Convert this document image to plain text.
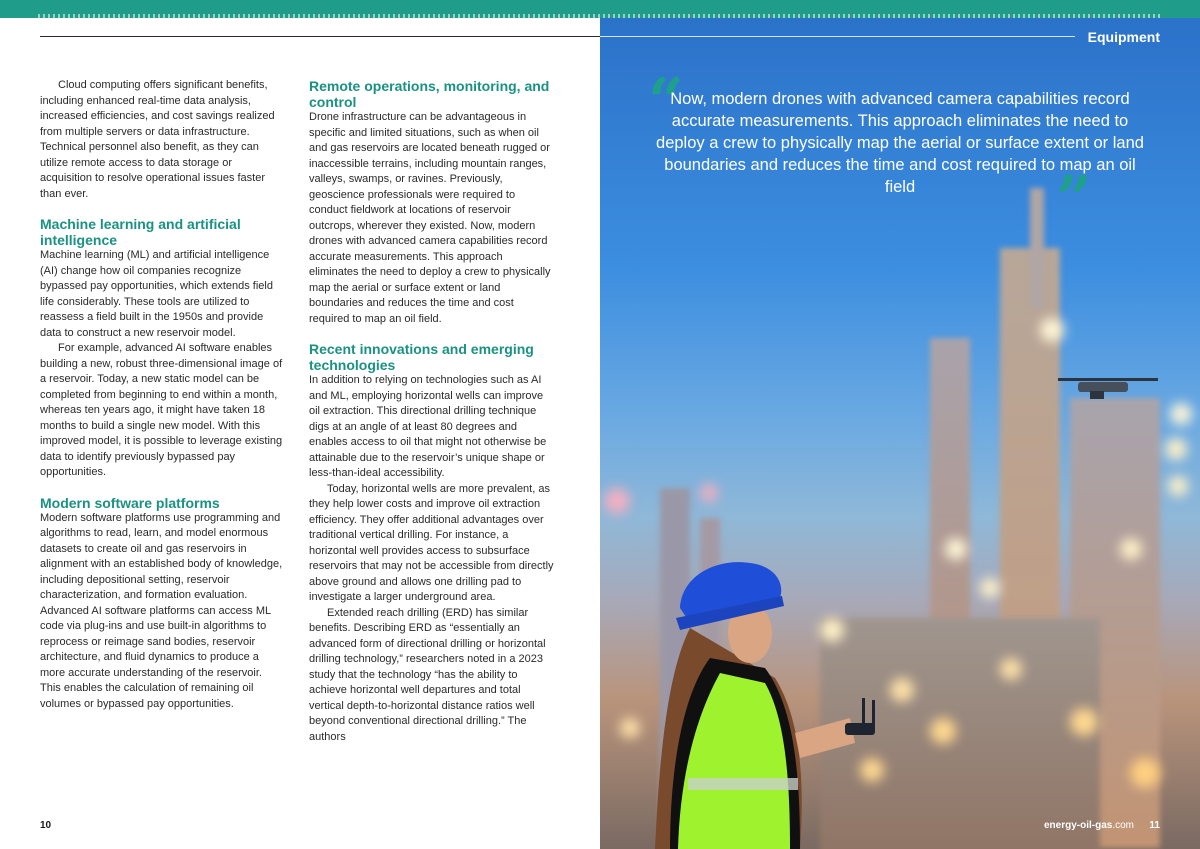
Equipment
“
Now, modern drones with advanced camera capabilities record accurate measurements. This approach eliminates the need to deploy a crew to physically map the aerial or surface extent or land boundaries and reduces the time and cost required to map an oil field	”
energy-oil-gas.com 11

Cloud computing offers significant benefits, including enhanced real-time data analysis, increased efficiencies, and cost savings realized from multiple servers or data infrastructure. Technical personnel also benefit, as they can utilize remote access to data storage or acquisition to resolve operational issues faster than ever.

Machine learning and artificial intelligence

Machine learning (ML) and artificial intelligence (AI) change how oil companies recognize bypassed pay opportunities, which extends field life considerably. These tools are utilized to reassess a field built in the 1950s and provide data to construct a new reservoir model.

For example, advanced AI software enables building a new, robust three-dimensional image of a reservoir. Today, a new static model can be completed from beginning to end within a month, whereas ten years ago, it might have taken 18 months to build a single new model. With this improved model, it is possible to leverage existing data to identify previously bypassed pay opportunities.

Modern software platforms

Modern software platforms use programming and algorithms to read, learn, and model enormous datasets to create oil and gas reservoirs in alignment with an established body of knowledge, including depositional setting, reservoir characterization, and formation evaluation. Advanced AI software platforms can access ML code via plug-ins and use built-in algorithms to reprocess or reimage sand bodies, reservoir architecture, and fluid dynamics to produce a more accurate understanding of the reservoir. This enables the calculation of remaining oil volumes or bypassed pay opportunities.

Remote operations, monitoring, and control

Drone infrastructure can be advantageous in specific and limited situations, such as when oil and gas reservoirs are located beneath rugged or inaccessible terrains, including mountain ranges, valleys, swamps, or ravines. Previously, geoscience professionals were required to conduct fieldwork at locations of reservoir outcrops, wherever they existed. Now, modern drones with advanced camera capabilities record accurate measurements. This approach eliminates the need to deploy a crew to physically map the aerial or surface extent or land boundaries and reduces the time and cost required to map an oil field.

Recent innovations and emerging technologies

In addition to relying on technologies such as AI and ML, employing horizontal wells can improve oil extraction. This directional drilling technique digs at an angle of at least 80 degrees and enables access to oil that might not otherwise be attainable due to the reservoir’s unique shape or less-than-ideal accessibility.

Today, horizontal wells are more prevalent, as they help lower costs and improve oil extraction efficiency. They offer additional advantages over traditional vertical drilling. For instance, a horizontal well provides access to subsurface reservoirs that may not be accessible from directly above ground and allows one drilling pad to investigate a larger underground area.

Extended reach drilling (ERD) has similar benefits. Describing ERD as “essentially an advanced form of directional drilling or horizontal drilling technology,” researchers noted in a 2023 study that the technology “has the ability to achieve horizontal well departures and total vertical depth-to-horizontal distance ratios well beyond conventional directional drilling.” The authors

10
